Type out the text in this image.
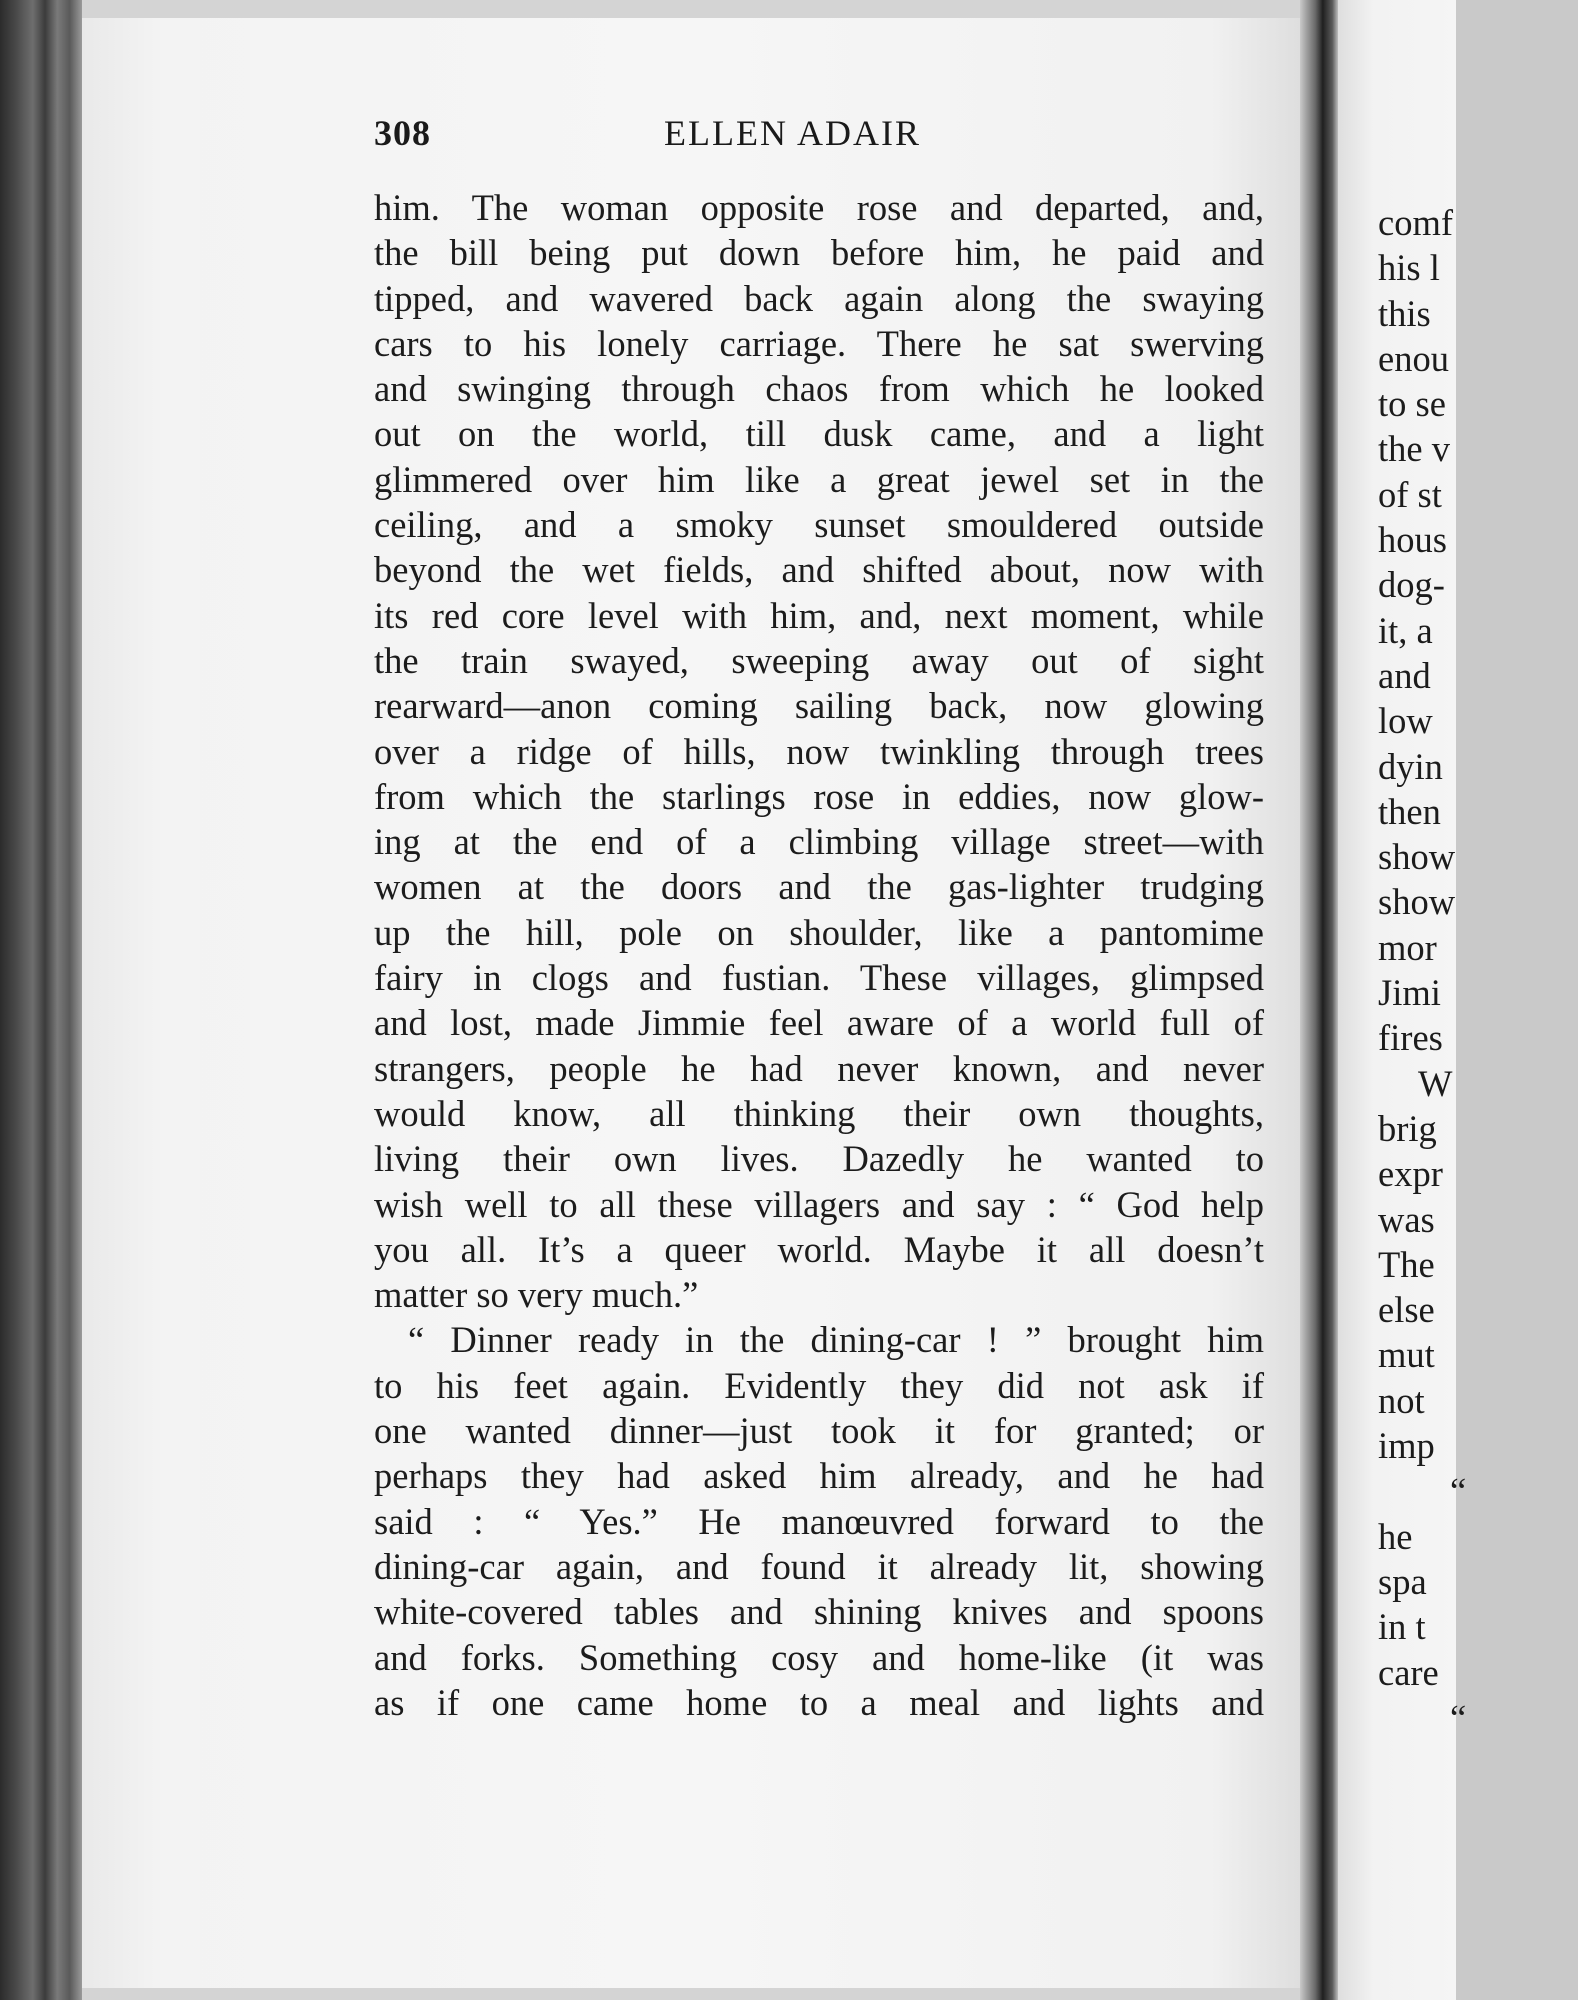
308	ELLEN ADAIR
him. The woman opposite rose and departed, and,
the bill being put down before him, he paid and
tipped, and wavered back again along the swaying
cars to his lonely carriage. There he sat swerving
and swinging through chaos from which he looked
out on the world, till dusk came, and a light
glimmered over him like a great jewel set in the
ceiling, and a smoky sunset smouldered outside
beyond the wet fields, and shifted about, now with
its red core level with him, and, next moment, while
the train swayed, sweeping away out of sight
rearward—anon coming sailing back, now glowing
over a ridge of hills, now twinkling through trees
from which the starlings rose in eddies, now glow-
ing at the end of a climbing village street—with
women at the doors and the gas-lighter trudging
up the hill, pole on shoulder, like a pantomime
fairy in clogs and fustian. These villages, glimpsed
and lost, made Jimmie feel aware of a world full of
strangers, people he had never known, and never
would know, all thinking their own thoughts,
living their own lives. Dazedly he wanted to
wish well to all these villagers and say : “ God help
you all. It’s a queer world. Maybe it all doesn’t
matter so very much.”
“ Dinner ready in the dining-car ! ” brought him
to his feet again. Evidently they did not ask if
one wanted dinner—just took it for granted; or
perhaps they had asked him already, and he had
said : “ Yes.” He manœuvred forward to the
dining-car again, and found it already lit, showing
white-covered tables and shining knives and spoons
and forks. Something cosy and home-like (it was
as if one came home to a meal and lights and
comf
his l
this
enou
to se
the v
of st
hous
dog-
it, a
and
low
dyin
then
show
show
mor
Jimi
fires
W
brig
expr
was
The
else
mut
not
imp
“
he
spa
in t
care
“
